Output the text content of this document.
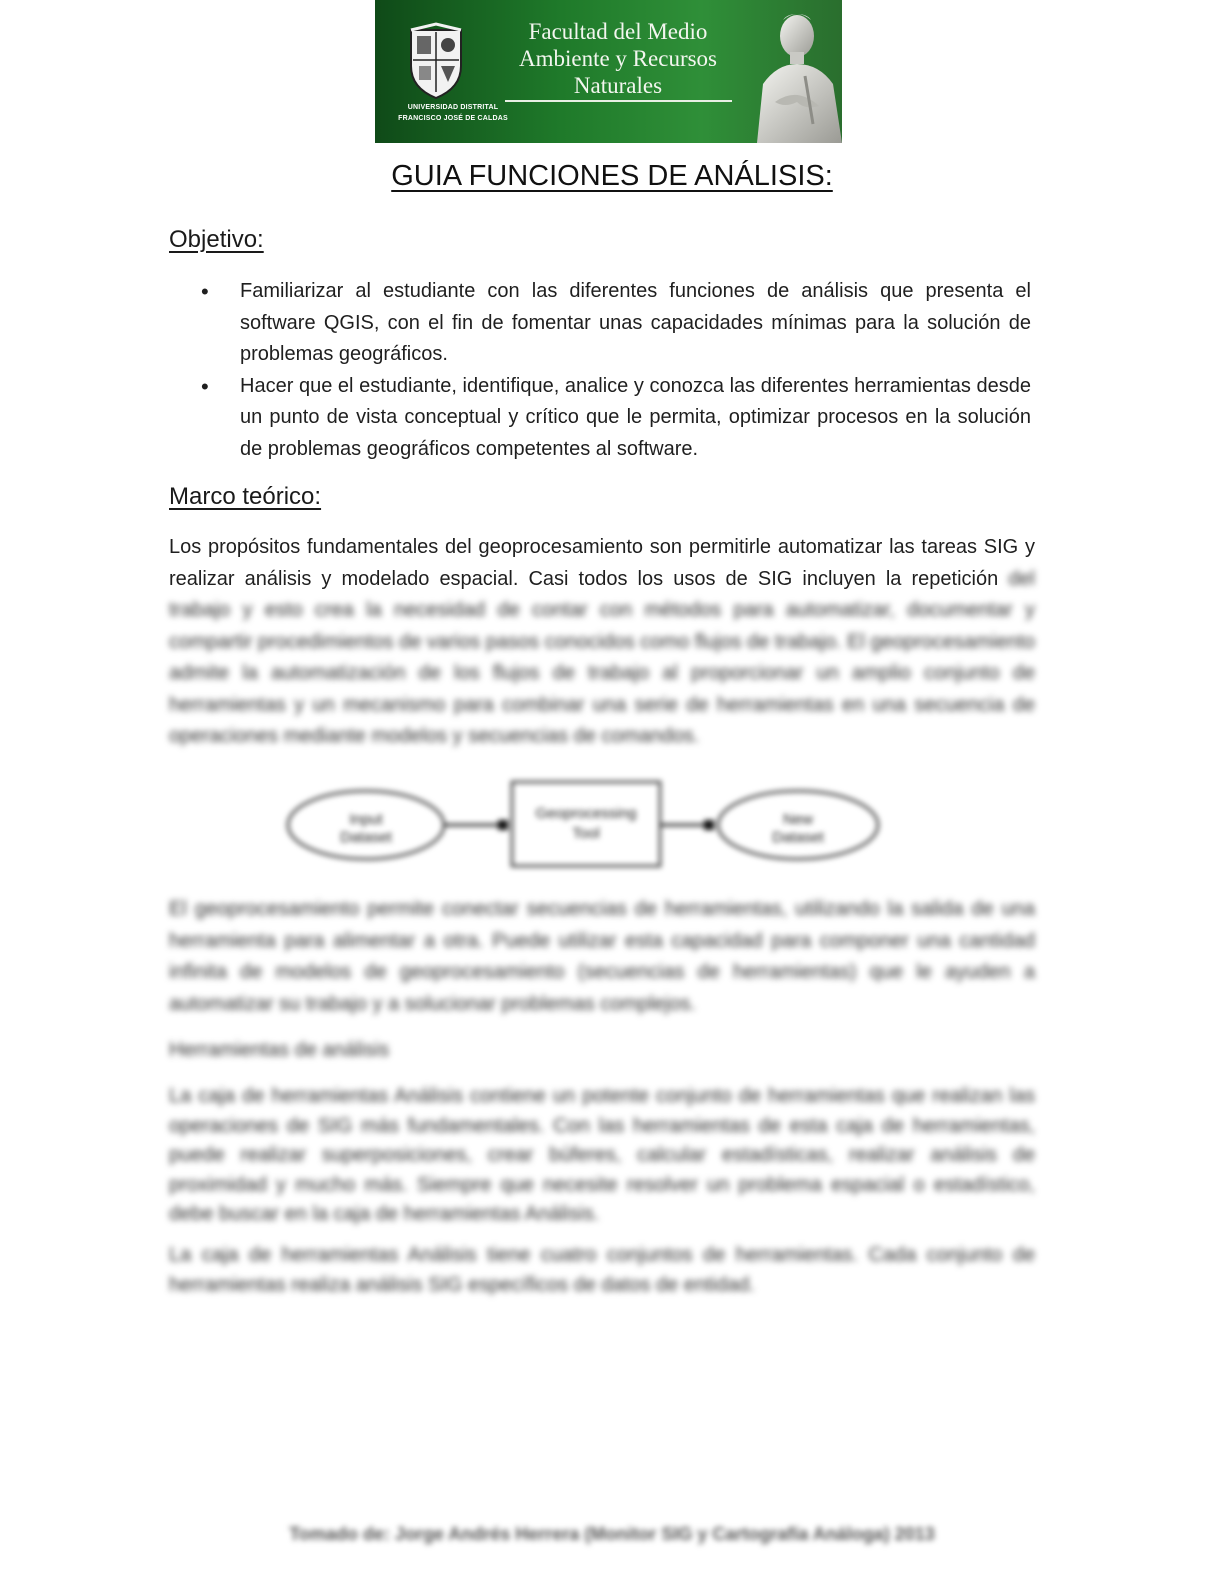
UNIVERSIDAD DISTRITAL
FRANCISCO JOSÉ DE CALDAS
Facultad del Medio
Ambiente y Recursos
Naturales
GUIA FUNCIONES DE ANÁLISIS:
Objetivo:
• Familiarizar al estudiante con las diferentes funciones de análisis que presenta el software QGIS, con el fin de fomentar unas capacidades mínimas para la solución de problemas geográficos.
• Hacer que el estudiante, identifique, analice y conozca las diferentes herramientas desde un punto de vista conceptual y crítico que le permita, optimizar procesos en la solución de problemas geográficos competentes al software.
Marco teórico:

Los propósitos fundamentales del geoprocesamiento son permitirle automatizar las tareas SIG y realizar análisis y modelado espacial. Casi todos los usos de SIG incluyen la repetición del trabajo y esto crea la necesidad de contar con métodos para automatizar, documentar y compartir procedimientos de varios pasos conocidos como flujos de trabajo. El geoprocesamiento admite la automatización de los flujos de trabajo al proporcionar un amplio conjunto de herramientas y un mecanismo para combinar una serie de herramientas en una secuencia de operaciones mediante modelos y secuencias de comandos.

Input
Dataset
Geoprocessing
Tool
New
Dataset

El geoprocesamiento permite conectar secuencias de herramientas, utilizando la salida de una herramienta para alimentar a otra. Puede utilizar esta capacidad para componer una cantidad infinita de modelos de geoprocesamiento (secuencias de herramientas) que le ayuden a automatizar su trabajo y a solucionar problemas complejos.

Herramientas de análisis

La caja de herramientas Análisis contiene un potente conjunto de herramientas que realizan las operaciones de SIG más fundamentales. Con las herramientas de esta caja de herramientas, puede realizar superposiciones, crear búferes, calcular estadísticas, realizar análisis de proximidad y mucho más. Siempre que necesite resolver un problema espacial o estadístico, debe buscar en la caja de herramientas Análisis.

La caja de herramientas Análisis tiene cuatro conjuntos de herramientas. Cada conjunto de herramientas realiza análisis SIG específicos de datos de entidad.

Tomado de: Jorge Andrés Herrera (Monitor SIG y Cartografía Análoga) 2013
